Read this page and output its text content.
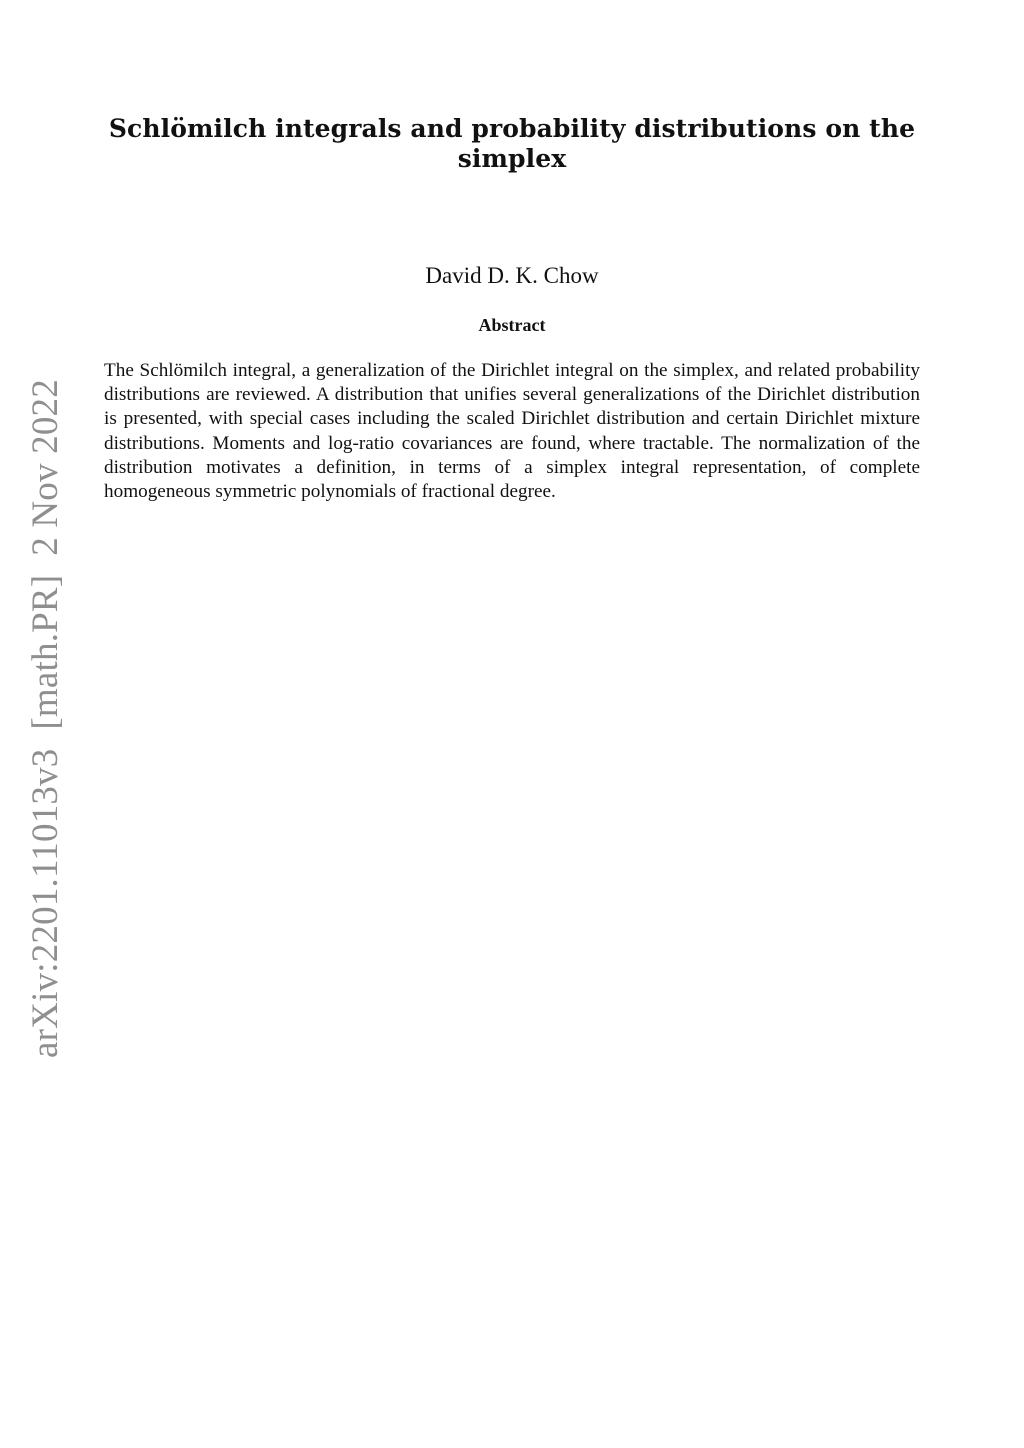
arXiv:2201.11013v3  [math.PR]  2 Nov 2022
Schlömilch integrals and probability distributions on the simplex
David D. K. Chow
Abstract

The Schlömilch integral, a generalization of the Dirichlet integral on the simplex, and related probability distributions are reviewed. A distribution that unifies several generalizations of the Dirichlet distribution is presented, with special cases including the scaled Dirichlet distribution and certain Dirichlet mixture distributions. Moments and log-ratio covariances are found, where tractable. The normalization of the distribution motivates a definition, in terms of a simplex integral representation, of complete homogeneous symmetric polynomials of fractional degree.
